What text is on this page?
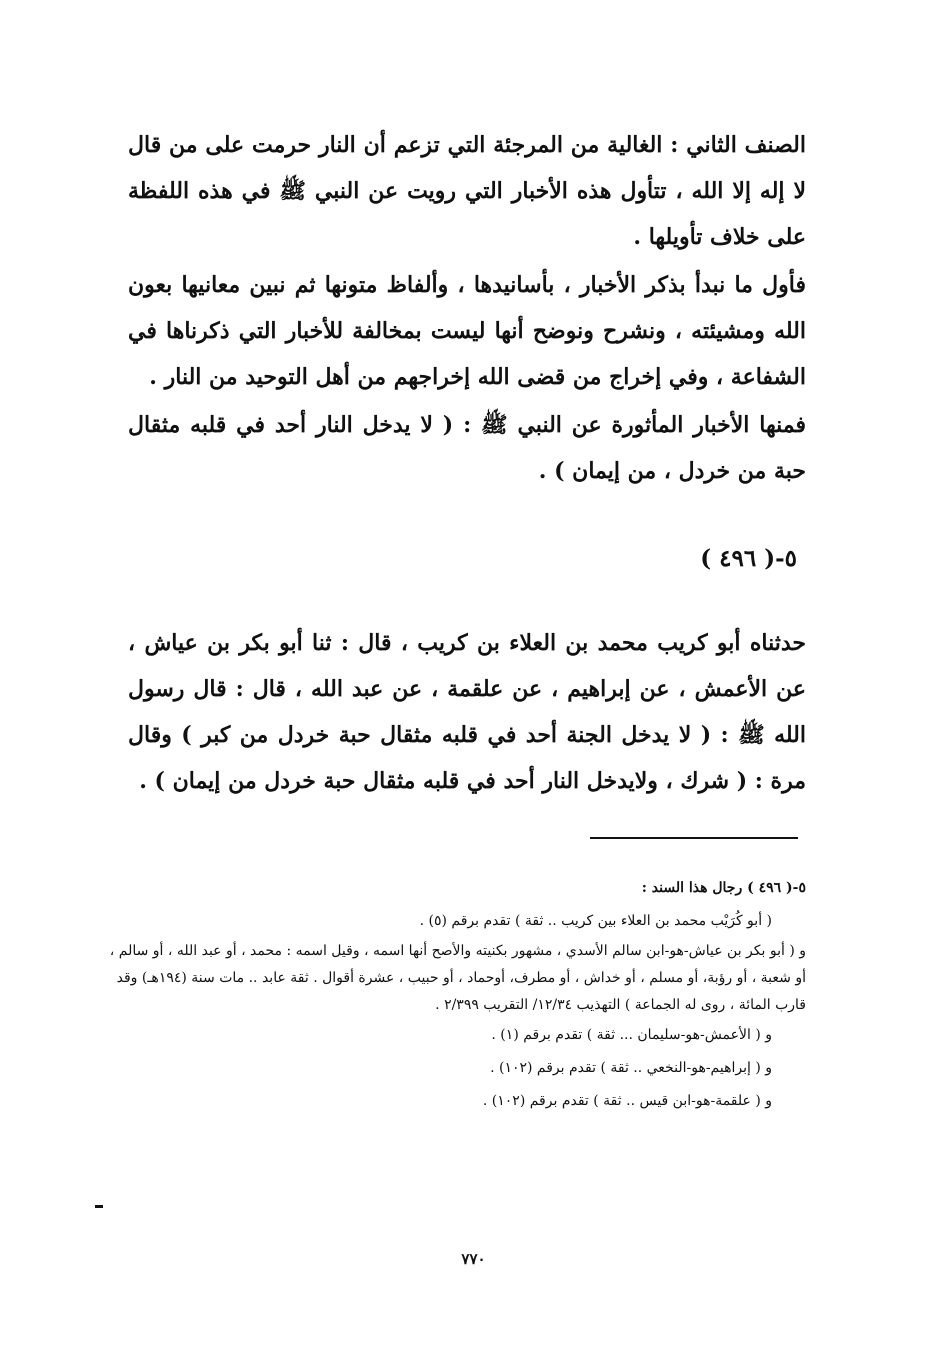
الصنف الثاني : الغالية من المرجئة التي تزعم أن النار حرمت على من قال لا إله إلا الله ، تتأول هذه الأخبار التي رويت عن النبي ﷺ في هذه اللفظة على خلاف تأويلها .

فأول ما نبدأ بذكر الأخبار ، بأسانيدها ، وألفاظ متونها ثم نبين معانيها بعون الله ومشيئته ، ونشرح ونوضح أنها ليست بمخالفة للأخبار التي ذكرناها في الشفاعة ، وفي إخراج من قضى الله إخراجهم من أهل التوحيد من النار .

فمنها الأخبار المأثورة عن النبي ﷺ : ( لا يدخل النار أحد في قلبه مثقال حبة من خردل ، من إيمان ) .

٥-( ٤٩٦ )

حدثناه أبو كريب محمد بن العلاء بن كريب ، قال : ثنا أبو بكر بن عياش ، عن الأعمش ، عن إبراهيم ، عن علقمة ، عن عبد الله ، قال : قال رسول الله ﷺ : ( لا يدخل الجنة أحد في قلبه مثقال حبة خردل من كبر ) وقال مرة : ( شرك ، ولايدخل النار أحد في قلبه مثقال حبة خردل من إيمان ) .

٥-( ٤٩٦ ) رجال هذا السند :

( أبو كُرَيْب محمد بن العلاء بين كريب .. ثقة ) تقدم برقم (٥) .

و ( أبو بكر بن عياش-هو-ابن سالم الأسدي ، مشهور بكنيته والأصح أنها اسمه ، وقيل اسمه : محمد ، أو عبد الله ، أو سالم ، أو شعبة ، أو رؤبة، أو مسلم ، أو خداش ، أو مطرف، أوحماد ، أو حبيب ، عشرة أقوال . ثقة عابد .. مات سنة (١٩٤هـ) وقد قارب المائة ، روى له الجماعة ) التهذيب ١٢/٣٤/ التقريب ٢/٣٩٩ .

و ( الأعمش-هو-سليمان ... ثقة ) تقدم برقم (١) .

و ( إبراهيم-هو-النخعي .. ثقة ) تقدم برقم (١٠٢) .

و ( علقمة-هو-ابن قيس .. ثقة ) تقدم برقم (١٠٢) .

٧٧٠
